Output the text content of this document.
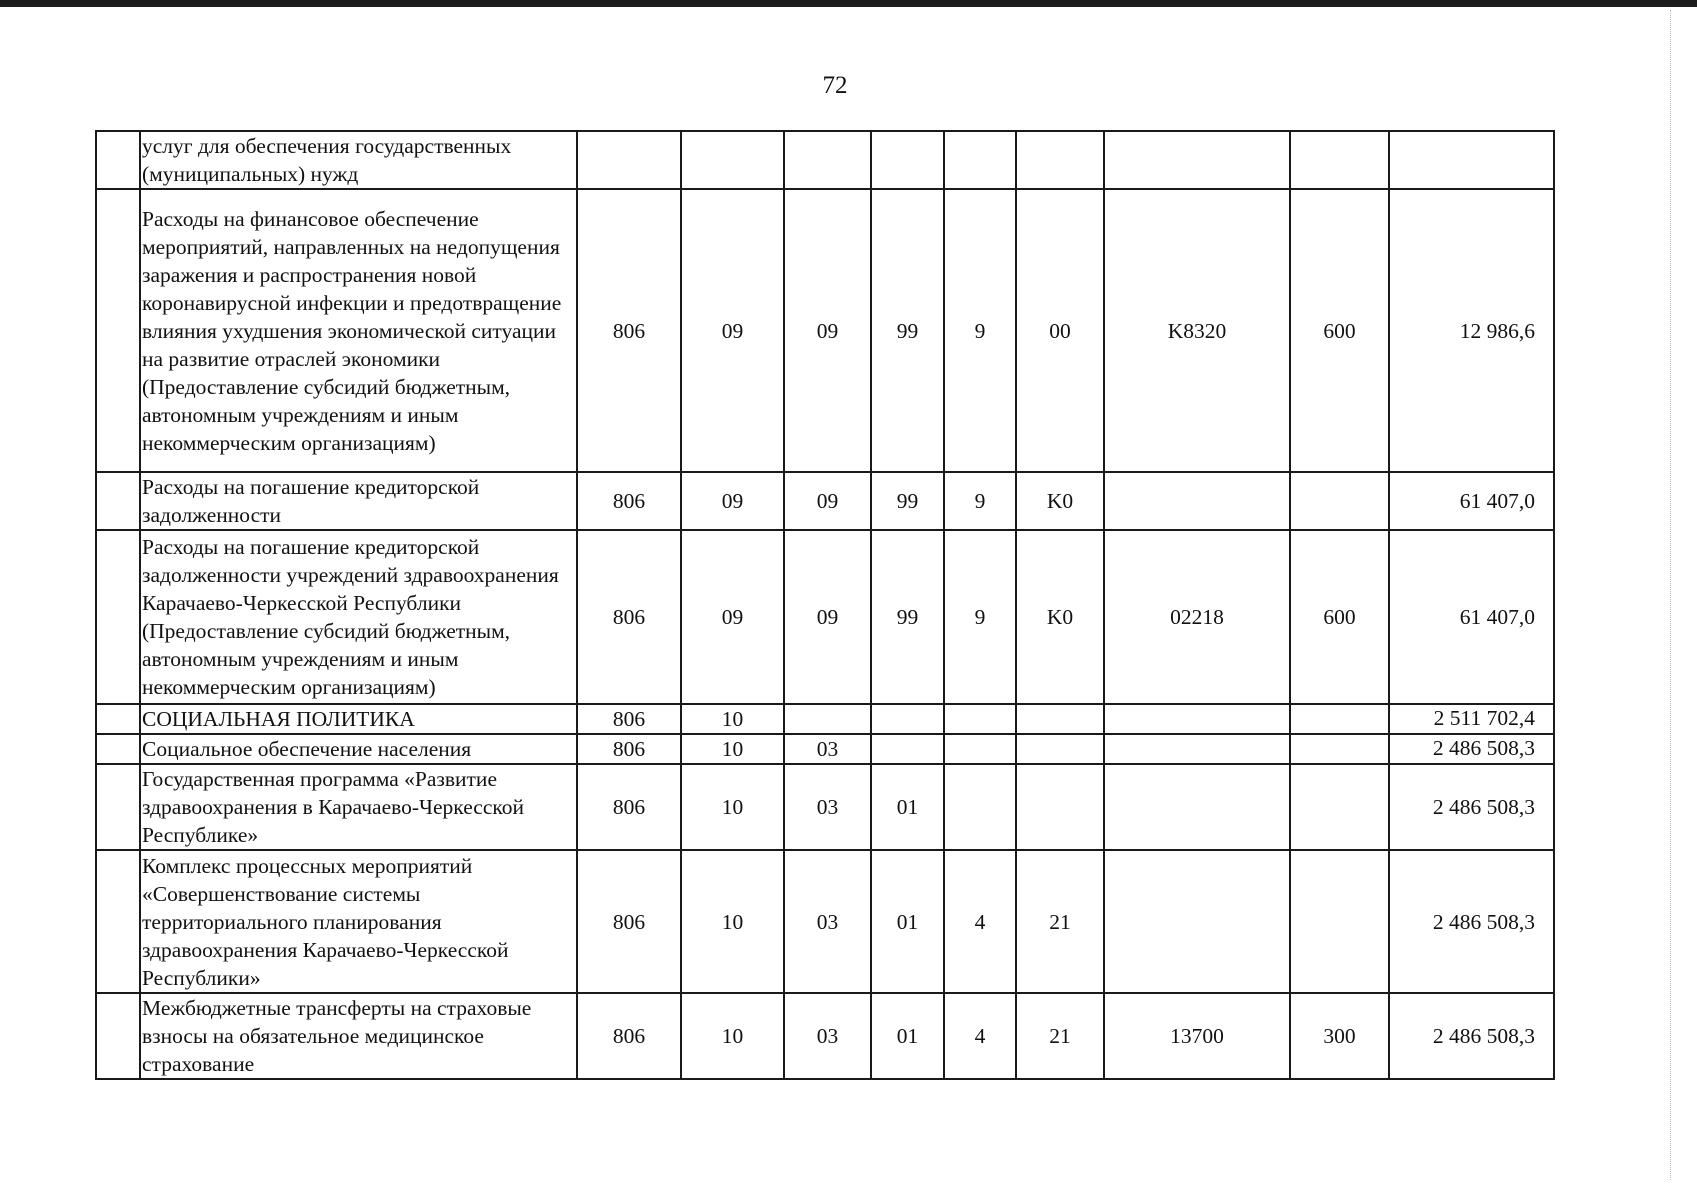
72
	услуг для обеспечения государственных (муниципальных) нужд									
	Расходы на финансовое обеспечение мероприятий, направленных на недопущения заражения и распространения новой коронавирусной инфекции и предотвращение влияния ухудшения экономической ситуации на развитие отраслей экономики (Предоставление субсидий бюджетным, автономным учреждениям и иным некоммерческим организациям)	806	09	09	99	9	00	K8320	600	12 986,6
	Расходы на погашение кредиторской задолженности	806	09	09	99	9	K0			61 407,0
	Расходы на погашение кредиторской задолженности учреждений здравоохранения Карачаево-Черкесской Республики (Предоставление субсидий бюджетным, автономным учреждениям и иным некоммерческим организациям)	806	09	09	99	9	K0	02218	600	61 407,0
	СОЦИАЛЬНАЯ ПОЛИТИКА	806	10							2 511 702,4
	Социальное обеспечение населения	806	10	03						2 486 508,3
	Государственная программа «Развитие здравоохранения в Карачаево-Черкесской Республике»	806	10	03	01					2 486 508,3
	Комплекс процессных мероприятий «Совершенствование системы территориального планирования здравоохранения Карачаево-Черкесской Республики»	806	10	03	01	4	21			2 486 508,3
	Межбюджетные трансферты на страховые взносы на обязательное медицинское страхование	806	10	03	01	4	21	13700	300	2 486 508,3
